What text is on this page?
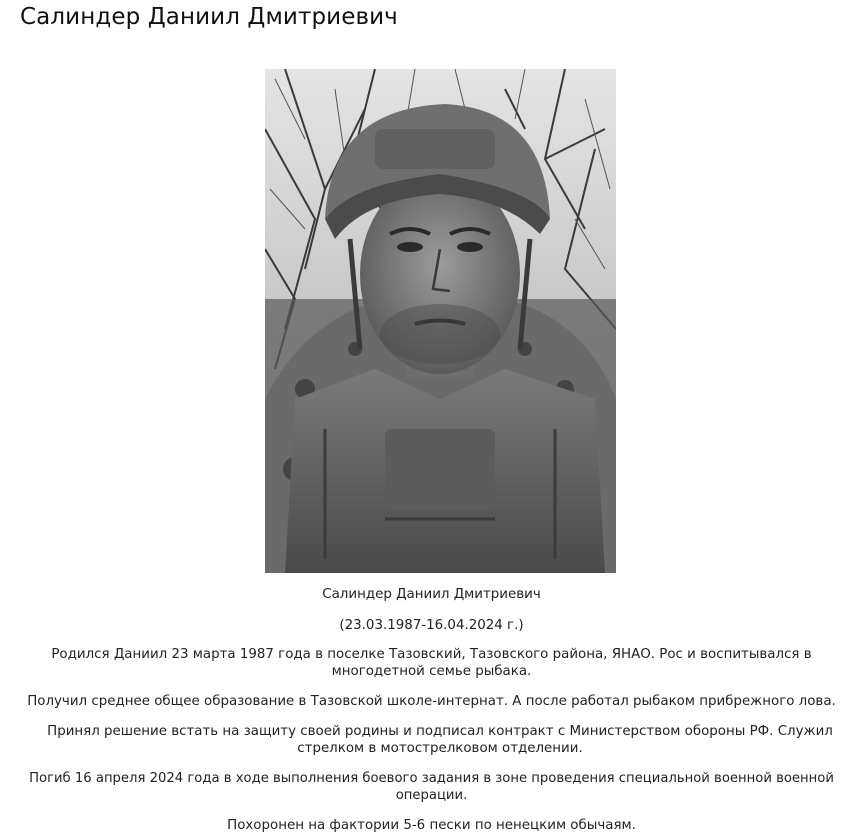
Салиндер Даниил Дмитриевич

Салиндер Даниил Дмитриевич

(23.03.1987-16.04.2024 г.)

Родился Даниил 23 марта 1987 года в поселке Тазовский, Тазовского района, ЯНАО. Рос и воспитывался в многодетной семье рыбака.

Получил среднее общее образование в Тазовской школе-интернат. А после работал рыбаком прибрежного лова.

Принял решение встать на защиту своей родины и подписал контракт с Министерством обороны РФ. Служил стрелком в мотострелковом отделении.

Погиб 16 апреля 2024 года в ходе выполнения боевого задания в зоне проведения специальной военной военной операции.

Похоронен на фактории 5-6 пески по ненецким обычаям.
